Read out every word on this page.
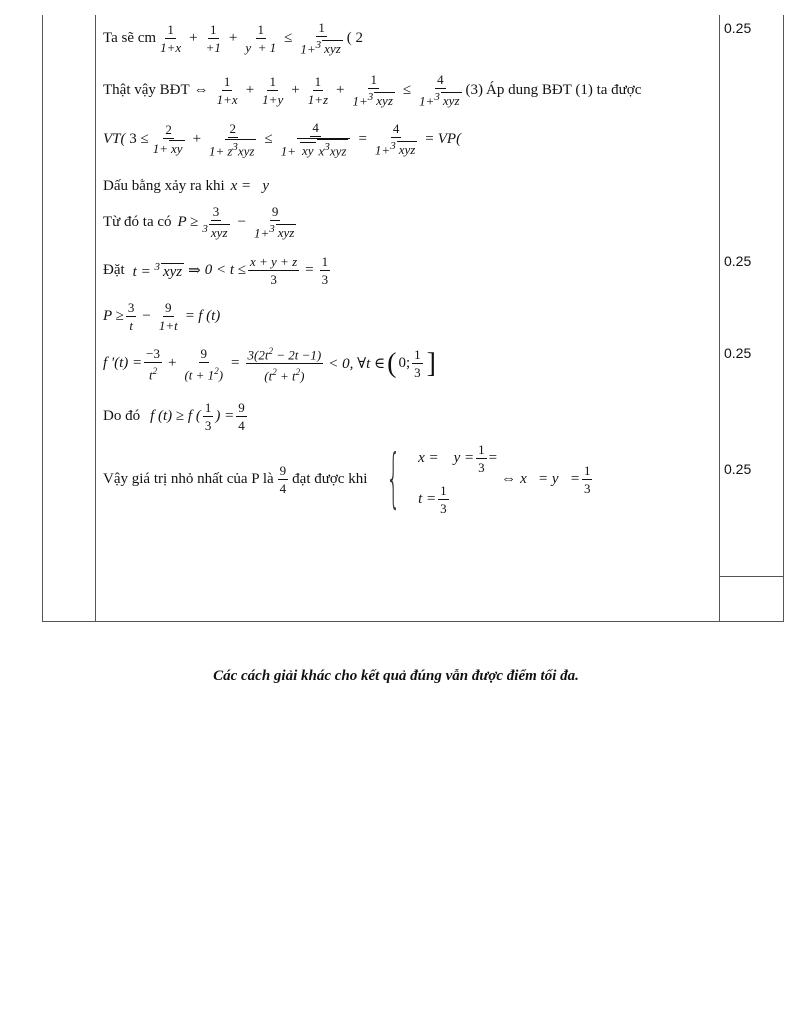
0.25
0.25
0.25
0.25
Ta sẽ cm $\frac{1}{1+x} + \frac{1}{+1} + \frac{1}{y + 1} \le \frac{1}{1+^3 xyz}$ ( 2
Thật vậy BĐT ⇔ $\frac{1}{1+x} + \frac{1}{1+y} + \frac{1}{1+z} + \frac{1}{1+^3 xyz} \le \frac{4}{1+^3 xyz} (3)$ Áp dung BĐT (1) ta được
VT( $3 \le \frac{2}{1+ xy} + \frac{2}{1+ z^3xyz} \le \frac{4}{1+ xy x^3xyz} = \frac{4}{1+^3 xyz} = VP$(
Dấu bằng xảy ra khi x =   y
Từ đó ta có $P \ge \frac{3}{^3 xyz} - \frac{9}{1+^3 xyz}$
Đặt t = $^3$ xyz ⇒ $0 < t \le \frac{x + y + z}{3} = \frac{1}{3}$
$P \ge \frac{3}{t} - \frac{9}{1+t} = f$ (t)
f '$(t) = \frac{-3}{t^2} + \frac{9}{(t + 1^2)} = \frac{3(2t^2 - 2t -1)}{(t^2 + t^2)} < 0$, ∀t ∈ ( 0; $\frac{1}{3}$ ]
Do đó f (t) ≥ f ( $\frac{1}{3}$ ) = $\frac{9}{4}$
Vậy giá trị nhỏ nhất của P là $\frac{9}{4}$ đạt được khi { x =    $y = \frac{1}{3}$ =
$t = \frac{1}{3}$
⇔ $x = y = \frac{1}{3}$
Các cách giải khác cho kết quả đúng vẫn được điểm tối đa.
